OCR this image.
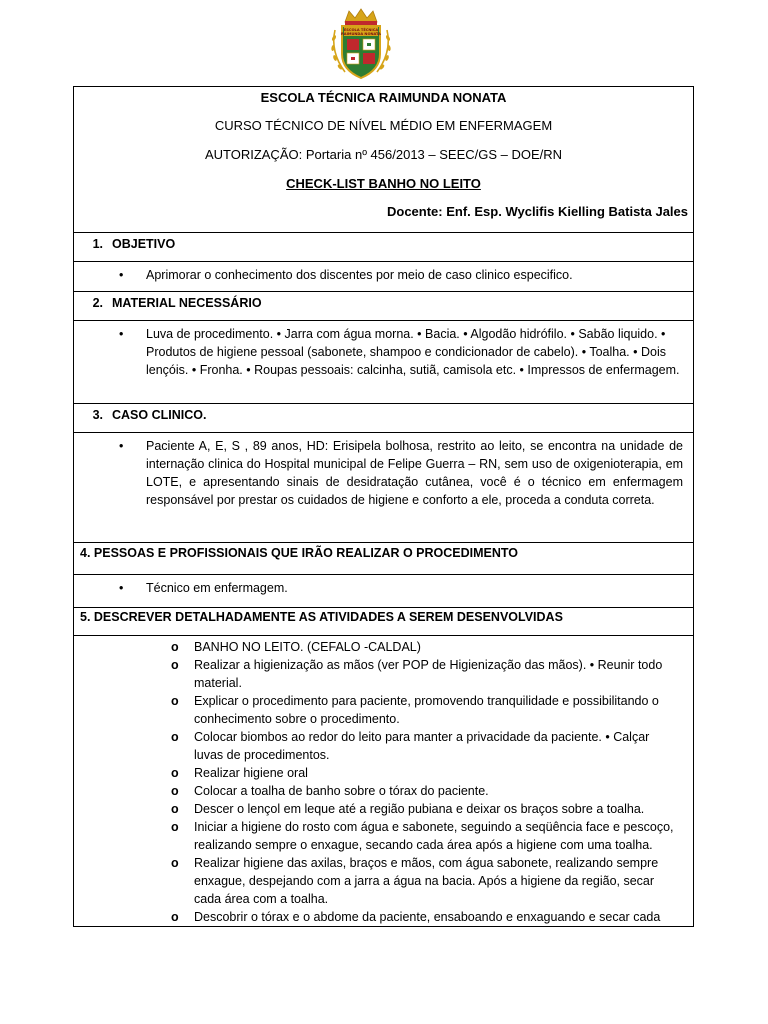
ESCOLA TÉCNICA
RAIMUNDA NONATA
ESCOLA TÉCNICA RAIMUNDA NONATA
CURSO TÉCNICO DE NÍVEL MÉDIO EM ENFERMAGEM
AUTORIZAÇÃO: Portaria nº 456/2013 – SEEC/GS – DOE/RN
CHECK-LIST BANHO NO LEITO
Docente: Enf. Esp. Wyclifis Kielling Batista Jales
1. OBJETIVO
• Aprimorar o conhecimento dos discentes por meio de caso clinico especifico.
2. MATERIAL NECESSÁRIO
• Luva de procedimento. • Jarra com água morna. • Bacia. • Algodão hidrófilo. • Sabão liquido. • Produtos de higiene pessoal (sabonete, shampoo e condicionador de cabelo). • Toalha. • Dois lençóis. • Fronha. • Roupas pessoais: calcinha, sutiã, camisola etc. • Impressos de enfermagem.
3. CASO CLINICO.
• Paciente A, E, S , 89 anos, HD: Erisipela bolhosa, restrito ao leito, se encontra na unidade de internação clinica do Hospital municipal de Felipe Guerra – RN, sem uso de oxigenioterapia, em LOTE, e apresentando sinais de desidratação cutânea, você é o técnico em enfermagem responsável por prestar os cuidados de higiene e conforto a ele, proceda a conduta correta.
4. PESSOAS E PROFISSIONAIS QUE IRÃO REALIZAR O PROCEDIMENTO
• Técnico em enfermagem.
5. DESCREVER DETALHADAMENTE AS ATIVIDADES A SEREM DESENVOLVIDAS
o BANHO NO LEITO. (CEFALO -CALDAL)
o Realizar a higienização as mãos (ver POP de Higienização das mãos). • Reunir todo material.
o Explicar o procedimento para paciente, promovendo tranquilidade e possibilitando o conhecimento sobre o procedimento.
o Colocar biombos ao redor do leito para manter a privacidade da paciente. • Calçar luvas de procedimentos.
o Realizar higiene oral
o Colocar a toalha de banho sobre o tórax do paciente.
o Descer o lençol em leque até a região pubiana e deixar os braços sobre a toalha.
o Iniciar a higiene do rosto com água e sabonete, seguindo a seqüência face e pescoço, realizando sempre o enxague, secando cada área após a higiene com uma toalha.
o Realizar higiene das axilas, braços e mãos, com água sabonete, realizando sempre enxague, despejando com a jarra a água na bacia. Após a higiene da região, secar cada área com a toalha.
o Descobrir o tórax e o abdome da paciente, ensaboando e enxaguando e secar cada
